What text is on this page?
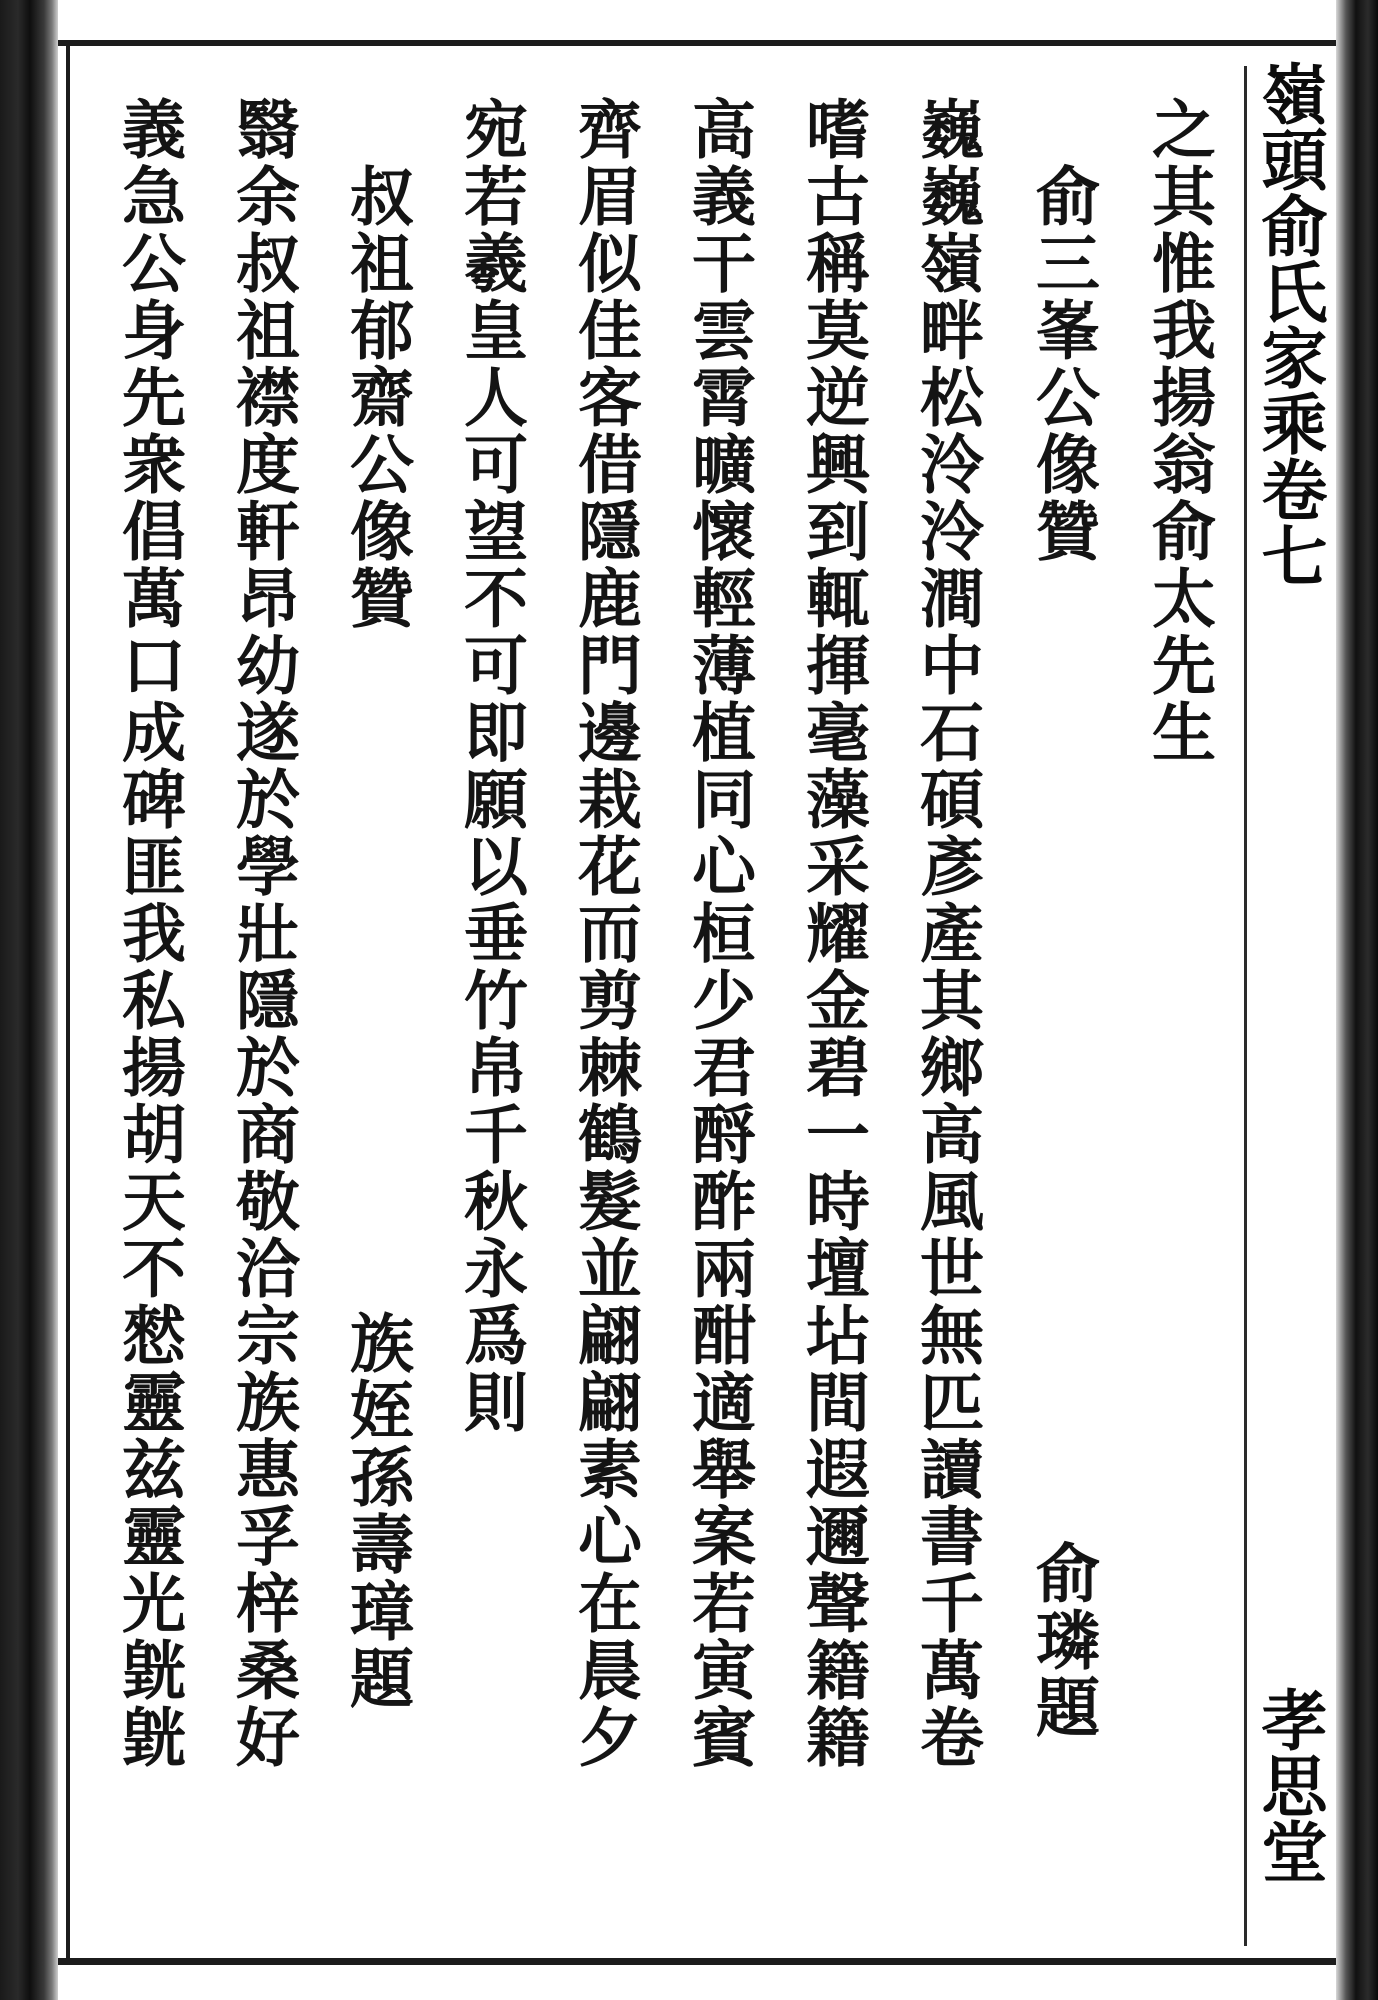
嶺頭俞氏家乘卷七
孝思堂
之其惟我揚翁俞太先生
　俞三峯公像贊
巍巍嶺畔松泠泠澗中石碩彥產其鄉高風世無匹讀書千萬卷
嗜古稱莫逆興到輒揮毫藻采耀金碧一時壇坫間遐邇聲籍籍
高義干雲霄曠懷輕薄植同心桓少君酹酢兩酣適舉案若寅賓
齊眉似佳客借隱鹿門邊栽花而剪棘鶴髮並翩翩素心在晨夕
宛若羲皇人可望不可即願以垂竹帛千秋永爲則
　叔祖郁齋公像贊
翳余叔祖襟度軒昂幼遂於學壯隱於商敬洽宗族惠孚梓桑好
義急公身先衆倡萬口成碑匪我私揚胡天不憖靈兹靈光皝皝	俞璘題
族姪孫壽璋題
